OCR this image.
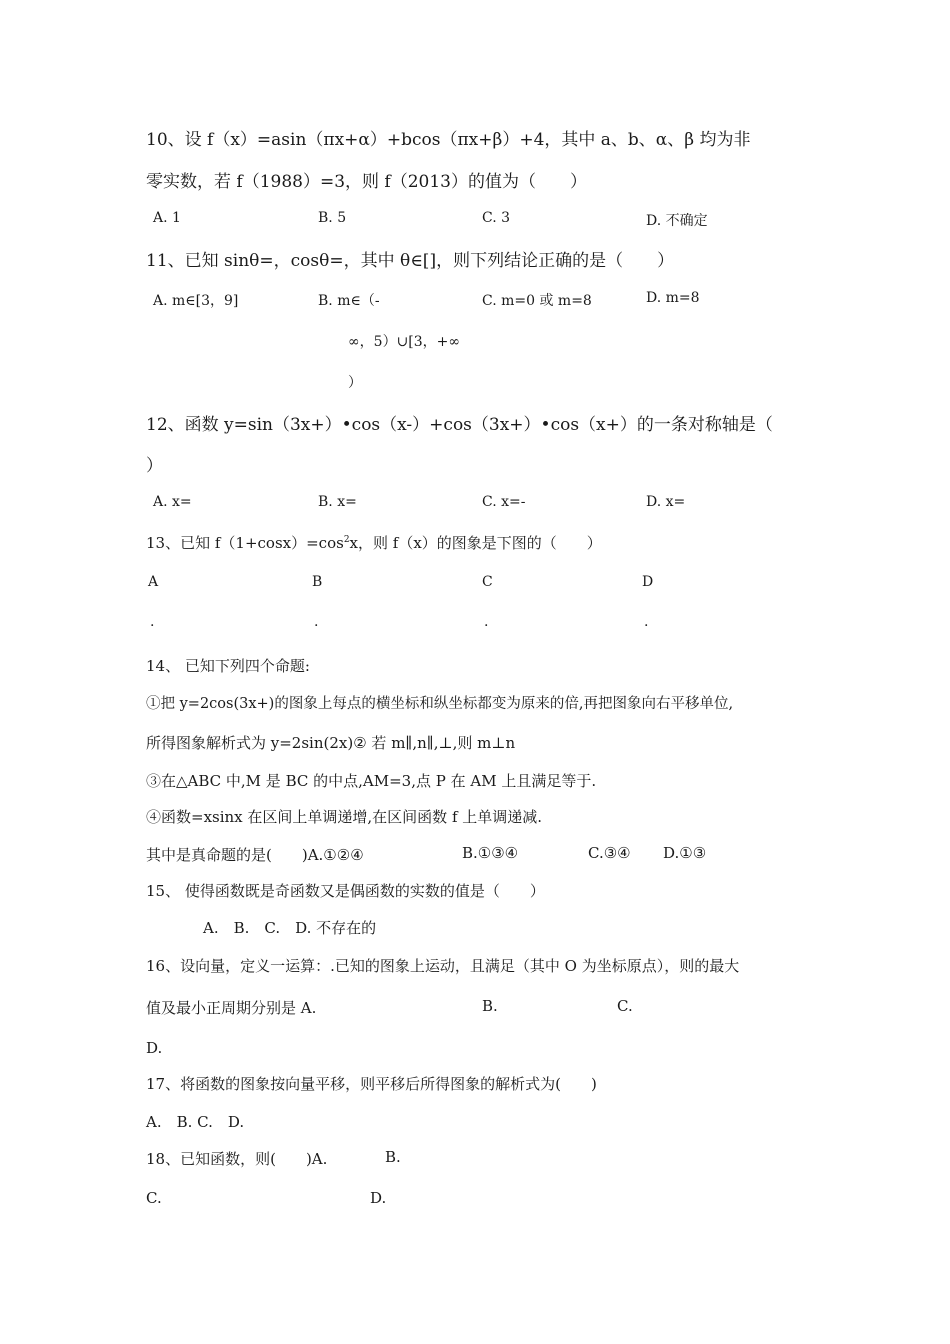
10、设 f（x）=asin（πx+α）+bcos（πx+β）+4，其中 a、b、α、β 均为非
零实数，若 f（1988）=3，则 f（2013）的值为（　　）
A. 1	B. 5	C. 3	D. 不确定
11、已知 sinθ=，cosθ=，其中 θ∈[]，则下列结论正确的是（　　）
A. m∈[3，9]	B. m∈（-	C. m=0 或 m=8	D. m=8
∞，5）∪[3，+∞
）
12、函数 y=sin（3x+）•cos（x-）+cos（3x+）•cos（x+）的一条对称轴是（
）
A. x=	B. x=	C. x=-	D. x=
13、已知 $f(1+\cos x)=\cos^2x$，则 f（x）的图象是下图的（　　）
A	B	C	D
.	.	.	.
14、 已知下列四个命题:
①把 y=2cos(3x+)的图象上每点的横坐标和纵坐标都变为原来的倍,再把图象向右平移单位,
所得图象解析式为 y=2sin(2x)② 若 m∥,n∥,⊥,则 m⊥n
③在△ABC 中,M 是 BC 的中点,AM=3,点 P 在 AM 上且满足等于.
④函数=xsinx 在区间上单调递增,在区间函数 f 上单调递减.
其中是真命题的是(　　)A.①②④	B.①③④	C.③④ D.①③
15、 使得函数既是奇函数又是偶函数的实数的值是（　　）
A.　B.　C.　D. 不存在的
16、设向量，定义一运算：.已知的图象上运动，且满足（其中 O 为坐标原点），则的最大
值及最小正周期分别是 A.	B.	C.
D.
17、将函数的图象按向量平移，则平移后所得图象的解析式为(　　)
A.　B. C.　D.
18、已知函数，则(　　)A.	B.
C.	D.
